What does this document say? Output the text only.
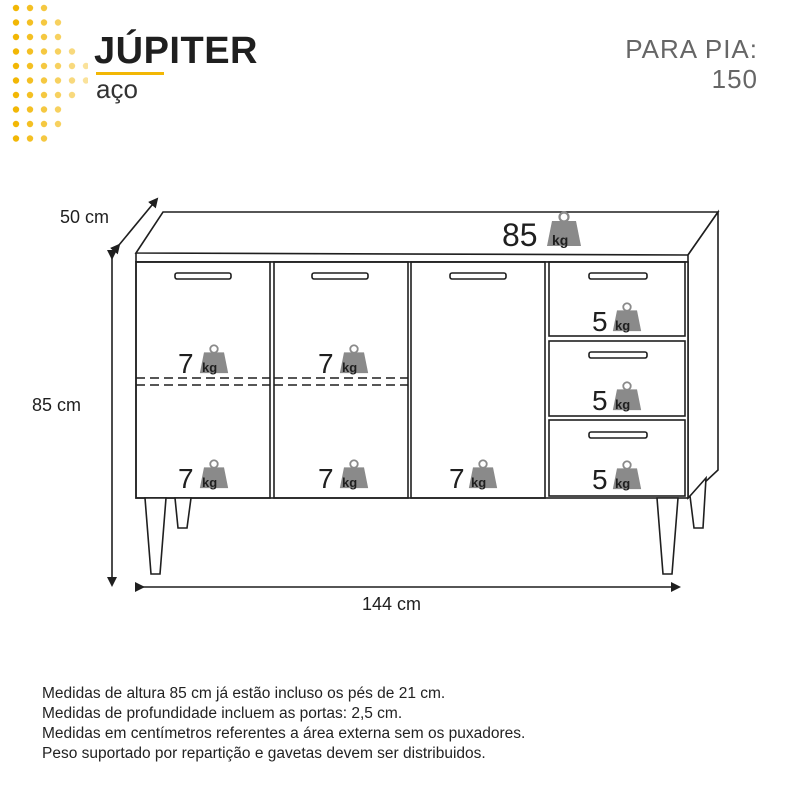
JÚPITER
aço
PARA PIA:
150
50 cm
85 cm
144 cm
85 kg
7 kg	7 kg
7 kg	7 kg	7 kg
5 kg
5 kg
5 kg
Medidas de altura 85 cm já estão incluso os pés de 21 cm.
Medidas de profundidade incluem as portas: 2,5 cm.
Medidas em centímetros referentes a área externa sem os puxadores.
Peso suportado por repartição e gavetas devem ser distribuidos.
